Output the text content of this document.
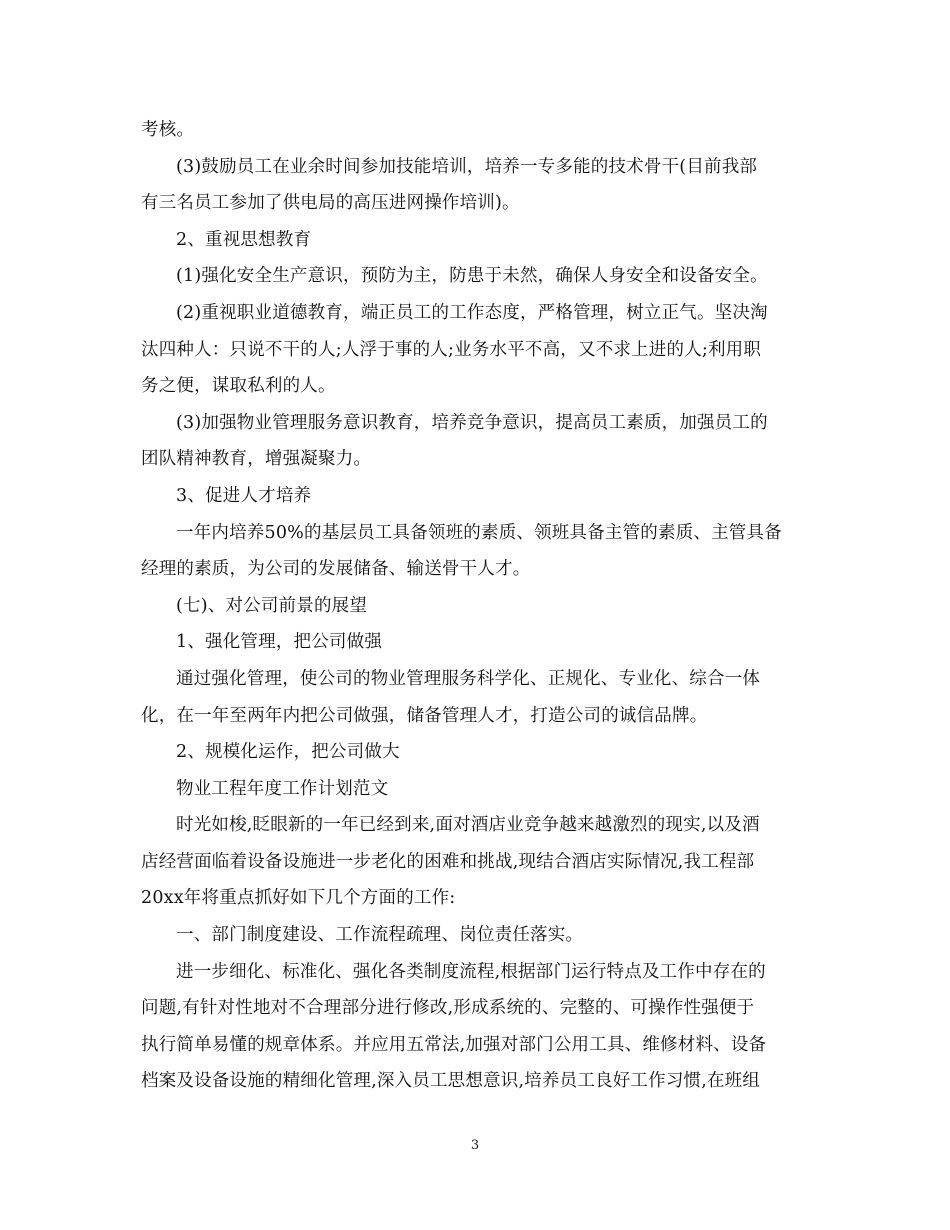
考核。
(3)鼓励员工在业余时间参加技能培训，培养一专多能的技术骨干(目前我部
有三名员工参加了供电局的高压进网操作培训)。
2、重视思想教育
(1)强化安全生产意识，预防为主，防患于未然，确保人身安全和设备安全。
(2)重视职业道德教育，端正员工的工作态度，严格管理，树立正气。坚决淘
汰四种人：只说不干的人;人浮于事的人;业务水平不高，又不求上进的人;利用职
务之便，谋取私利的人。
(3)加强物业管理服务意识教育，培养竞争意识，提高员工素质，加强员工的
团队精神教育，增强凝聚力。
3、促进人才培养
一年内培养50%的基层员工具备领班的素质、领班具备主管的素质、主管具备
经理的素质，为公司的发展储备、输送骨干人才。
(七)、对公司前景的展望
1、强化管理，把公司做强
通过强化管理，使公司的物业管理服务科学化、正规化、专业化、综合一体
化，在一年至两年内把公司做强，储备管理人才，打造公司的诚信品牌。
2、规模化运作，把公司做大
物业工程年度工作计划范文
时光如梭,眨眼新的一年已经到来,面对酒店业竞争越来越激烈的现实,以及酒
店经营面临着设备设施进一步老化的困难和挑战,现结合酒店实际情况,我工程部
20xx年将重点抓好如下几个方面的工作:
一、部门制度建设、工作流程疏理、岗位责任落实。
进一步细化、标准化、强化各类制度流程,根据部门运行特点及工作中存在的
问题,有针对性地对不合理部分进行修改,形成系统的、完整的、可操作性强便于
执行简单易懂的规章体系。并应用五常法,加强对部门公用工具、维修材料、设备
档案及设备设施的精细化管理,深入员工思想意识,培养员工良好工作习惯,在班组
3
